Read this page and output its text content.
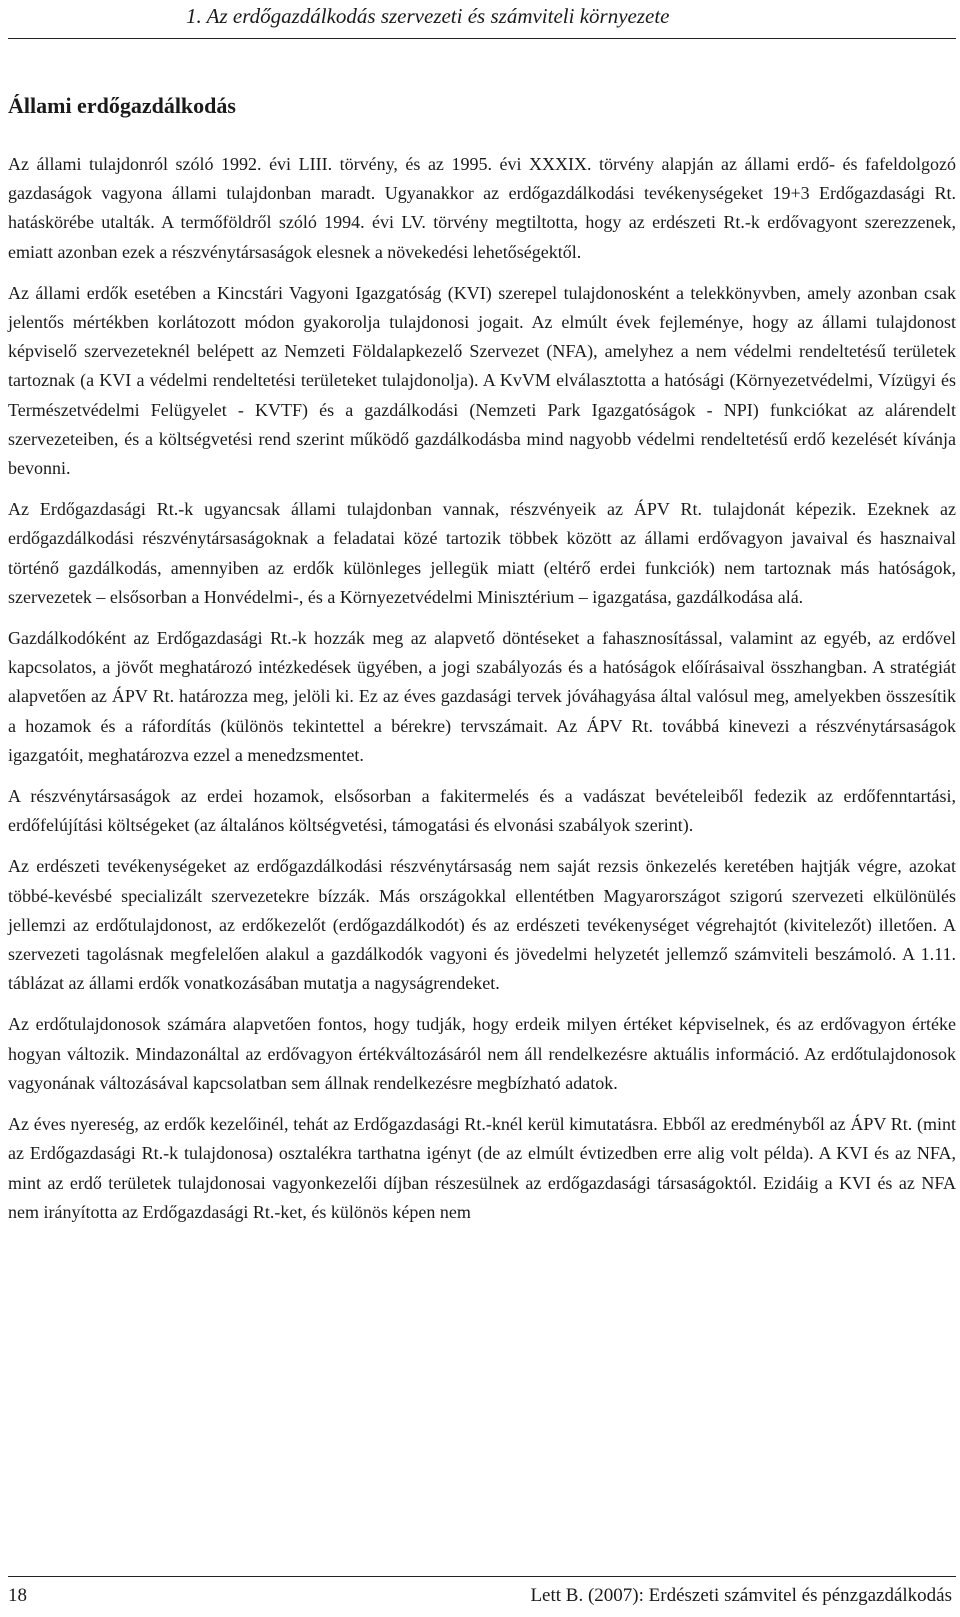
1. Az erdőgazdálkodás szervezeti és számviteli környezete
Állami erdőgazdálkodás

Az állami tulajdonról szóló 1992. évi LIII. törvény, és az 1995. évi XXXIX. törvény alapján az állami erdő- és fafeldolgozó gazdaságok vagyona állami tulajdonban maradt. Ugyanakkor az erdőgazdálkodási tevékenységeket 19+3 Erdőgazdasági Rt. hatáskörébe utalták. A termőföldről szóló 1994. évi LV. törvény megtiltotta, hogy az erdészeti Rt.-k erdővagyont szerezzenek, emiatt azonban ezek a részvénytársaságok elesnek a növekedési lehetőségektől.

Az állami erdők esetében a Kincstári Vagyoni Igazgatóság (KVI) szerepel tulajdonosként a telekkönyvben, amely azonban csak jelentős mértékben korlátozott módon gyakorolja tulajdonosi jogait. Az elmúlt évek fejleménye, hogy az állami tulajdonost képviselő szervezeteknél belépett az Nemzeti Földalapkezelő Szervezet (NFA), amelyhez a nem védelmi rendeltetésű területek tartoznak (a KVI a védelmi rendeltetési területeket tulajdonolja). A KvVM elválasztotta a hatósági (Környezetvédelmi, Vízügyi és Természetvédelmi Felügyelet - KVTF) és a gazdálkodási (Nemzeti Park Igazgatóságok - NPI) funkciókat az alárendelt szervezeteiben, és a költségvetési rend szerint működő gazdálkodásba mind nagyobb védelmi rendeltetésű erdő kezelését kívánja bevonni.

Az Erdőgazdasági Rt.-k ugyancsak állami tulajdonban vannak, részvényeik az ÁPV Rt. tulajdonát képezik. Ezeknek az erdőgazdálkodási részvénytársaságoknak a feladatai közé tartozik többek között az állami erdővagyon javaival és hasznaival történő gazdálkodás, amennyiben az erdők különleges jellegük miatt (eltérő erdei funkciók) nem tartoznak más hatóságok, szervezetek – elsősorban a Honvédelmi-, és a Környezetvédelmi Minisztérium – igazgatása, gazdálkodása alá.

Gazdálkodóként az Erdőgazdasági Rt.-k hozzák meg az alapvető döntéseket a fahasznosítással, valamint az egyéb, az erdővel kapcsolatos, a jövőt meghatározó intézkedések ügyében, a jogi szabályozás és a hatóságok előírásaival összhangban. A stratégiát alapvetően az ÁPV Rt. határozza meg, jelöli ki. Ez az éves gazdasági tervek jóváhagyása által valósul meg, amelyekben összesítik a hozamok és a ráfordítás (különös tekintettel a bérekre) tervszámait. Az ÁPV Rt. továbbá kinevezi a részvénytársaságok igazgatóit, meghatározva ezzel a menedzsmentet.

A részvénytársaságok az erdei hozamok, elsősorban a fakitermelés és a vadászat bevételeiből fedezik az erdőfenntartási, erdőfelújítási költségeket (az általános költségvetési, támogatási és elvonási szabályok szerint).

Az erdészeti tevékenységeket az erdőgazdálkodási részvénytársaság nem saját rezsis önkezelés keretében hajtják végre, azokat többé-kevésbé specializált szervezetekre bízzák. Más országokkal ellentétben Magyarországot szigorú szervezeti elkülönülés jellemzi az erdőtulajdonost, az erdőkezelőt (erdőgazdálkodót) és az erdészeti tevékenységet végrehajtót (kivitelezőt) illetően. A szervezeti tagolásnak megfelelően alakul a gazdálkodók vagyoni és jövedelmi helyzetét jellemző számviteli beszámoló. A 1.11. táblázat az állami erdők vonatkozásában mutatja a nagyságrendeket.

Az erdőtulajdonosok számára alapvetően fontos, hogy tudják, hogy erdeik milyen értéket képviselnek, és az erdővagyon értéke hogyan változik. Mindazonáltal az erdővagyon értékváltozásáról nem áll rendelkezésre aktuális információ. Az erdőtulajdonosok vagyonának változásával kapcsolatban sem állnak rendelkezésre megbízható adatok.

Az éves nyereség, az erdők kezelőinél, tehát az Erdőgazdasági Rt.-knél kerül kimutatásra. Ebből az eredményből az ÁPV Rt. (mint az Erdőgazdasági Rt.-k tulajdonosa) osztalékra tarthatna igényt (de az elmúlt évtizedben erre alig volt példa). A KVI és az NFA, mint az erdő területek tulajdonosai vagyonkezelői díjban részesülnek az erdőgazdasági társaságoktól. Ezidáig a KVI és az NFA nem irányította az Erdőgazdasági Rt.-ket, és különös képen nem

18	Lett B. (2007): Erdészeti számvitel és pénzgazdálkodás
